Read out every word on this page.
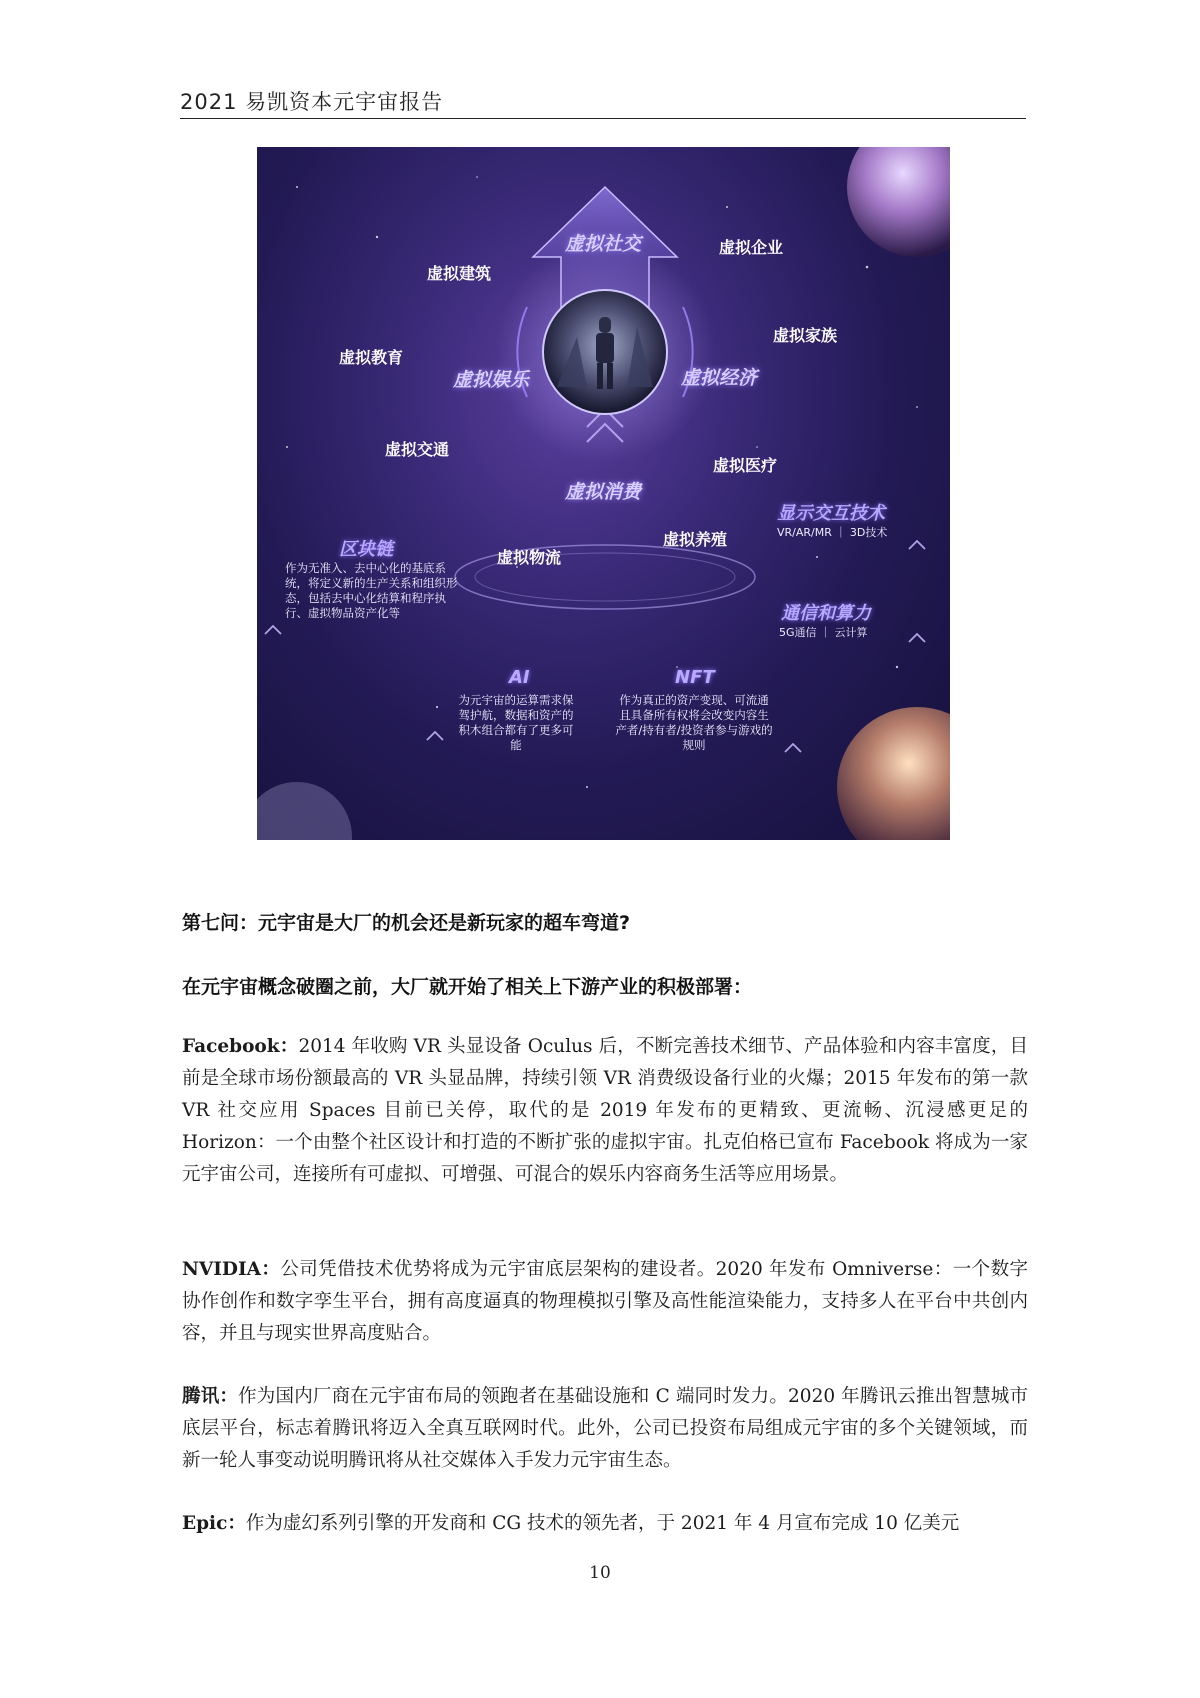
2021 易凯资本元宇宙报告
虚拟社交
虚拟娱乐	虚拟经济
虚拟消费
虚拟企业
虚拟建筑
虚拟家族
虚拟教育
虚拟交通
虚拟医疗
虚拟养殖
虚拟物流
区块链
作为无准入、去中心化的基底系统，将定义新的生产关系和组织形态，包括去中心化结算和程序执行、虚拟物品资产化等
显示交互技术
VR/AR/MR ｜ 3D技术
通信和算力
5G通信 ｜ 云计算
AI
为元宇宙的运算需求保驾护航，数据和资产的积木组合都有了更多可能
NFT
作为真正的资产变现、可流通且具备所有权将会改变内容生产者/持有者/投资者参与游戏的规则
第七问：元宇宙是大厂的机会还是新玩家的超车弯道?
在元宇宙概念破圈之前，大厂就开始了相关上下游产业的积极部署：
Facebook：2014 年收购 VR 头显设备 Oculus 后，不断完善技术细节、产品体验和内容丰富度，目前是全球市场份额最高的 VR 头显品牌，持续引领 VR 消费级设备行业的火爆；2015 年发布的第一款 VR 社交应用 Spaces 目前已关停，取代的是 2019 年发布的更精致、更流畅、沉浸感更足的 Horizon：一个由整个社区设计和打造的不断扩张的虚拟宇宙。扎克伯格已宣布 Facebook 将成为一家元宇宙公司，连接所有可虚拟、可增强、可混合的娱乐内容商务生活等应用场景。
NVIDIA：公司凭借技术优势将成为元宇宙底层架构的建设者。2020 年发布 Omniverse：一个数字协作创作和数字孪生平台，拥有高度逼真的物理模拟引擎及高性能渲染能力，支持多人在平台中共创内容，并且与现实世界高度贴合。
腾讯：作为国内厂商在元宇宙布局的领跑者在基础设施和 C 端同时发力。2020 年腾讯云推出智慧城市底层平台，标志着腾讯将迈入全真互联网时代。此外，公司已投资布局组成元宇宙的多个关键领域，而新一轮人事变动说明腾讯将从社交媒体入手发力元宇宙生态。
Epic：作为虚幻系列引擎的开发商和 CG 技术的领先者，于 2021 年 4 月宣布完成 10 亿美元
10
